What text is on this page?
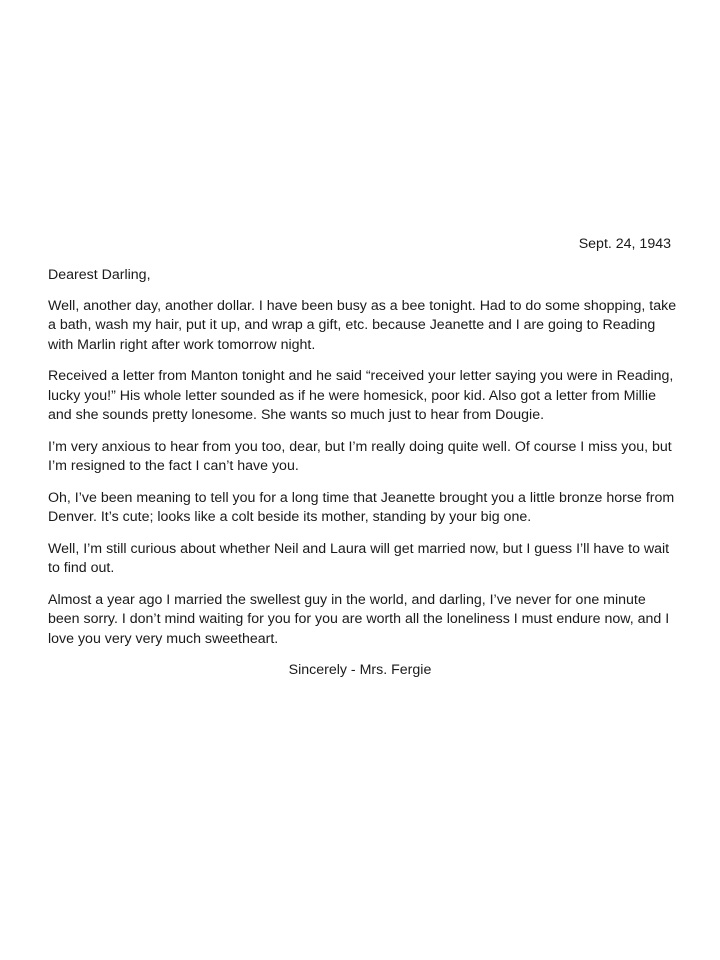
Sept. 24, 1943

Dearest Darling,

Well, another day, another dollar. I have been busy as a bee tonight. Had to do some shopping, take a bath, wash my hair, put it up, and wrap a gift, etc. because Jeanette and I are going to Reading with Marlin right after work tomorrow night.

Received a letter from Manton tonight and he said “received your letter saying you were in Reading, lucky you!” His whole letter sounded as if he were homesick, poor kid. Also got a letter from Millie and she sounds pretty lonesome. She wants so much just to hear from Dougie.

I’m very anxious to hear from you too, dear, but I’m really doing quite well. Of course I miss you, but I’m resigned to the fact I can’t have you.

Oh, I’ve been meaning to tell you for a long time that Jeanette brought you a little bronze horse from Denver. It’s cute; looks like a colt beside its mother, standing by your big one.

Well, I’m still curious about whether Neil and Laura will get married now, but I guess I’ll have to wait to find out.

Almost a year ago I married the swellest guy in the world, and darling, I’ve never for one minute been sorry. I don’t mind waiting for you for you are worth all the loneliness I must endure now, and I love you very very much sweetheart.

Sincerely - Mrs. Fergie
